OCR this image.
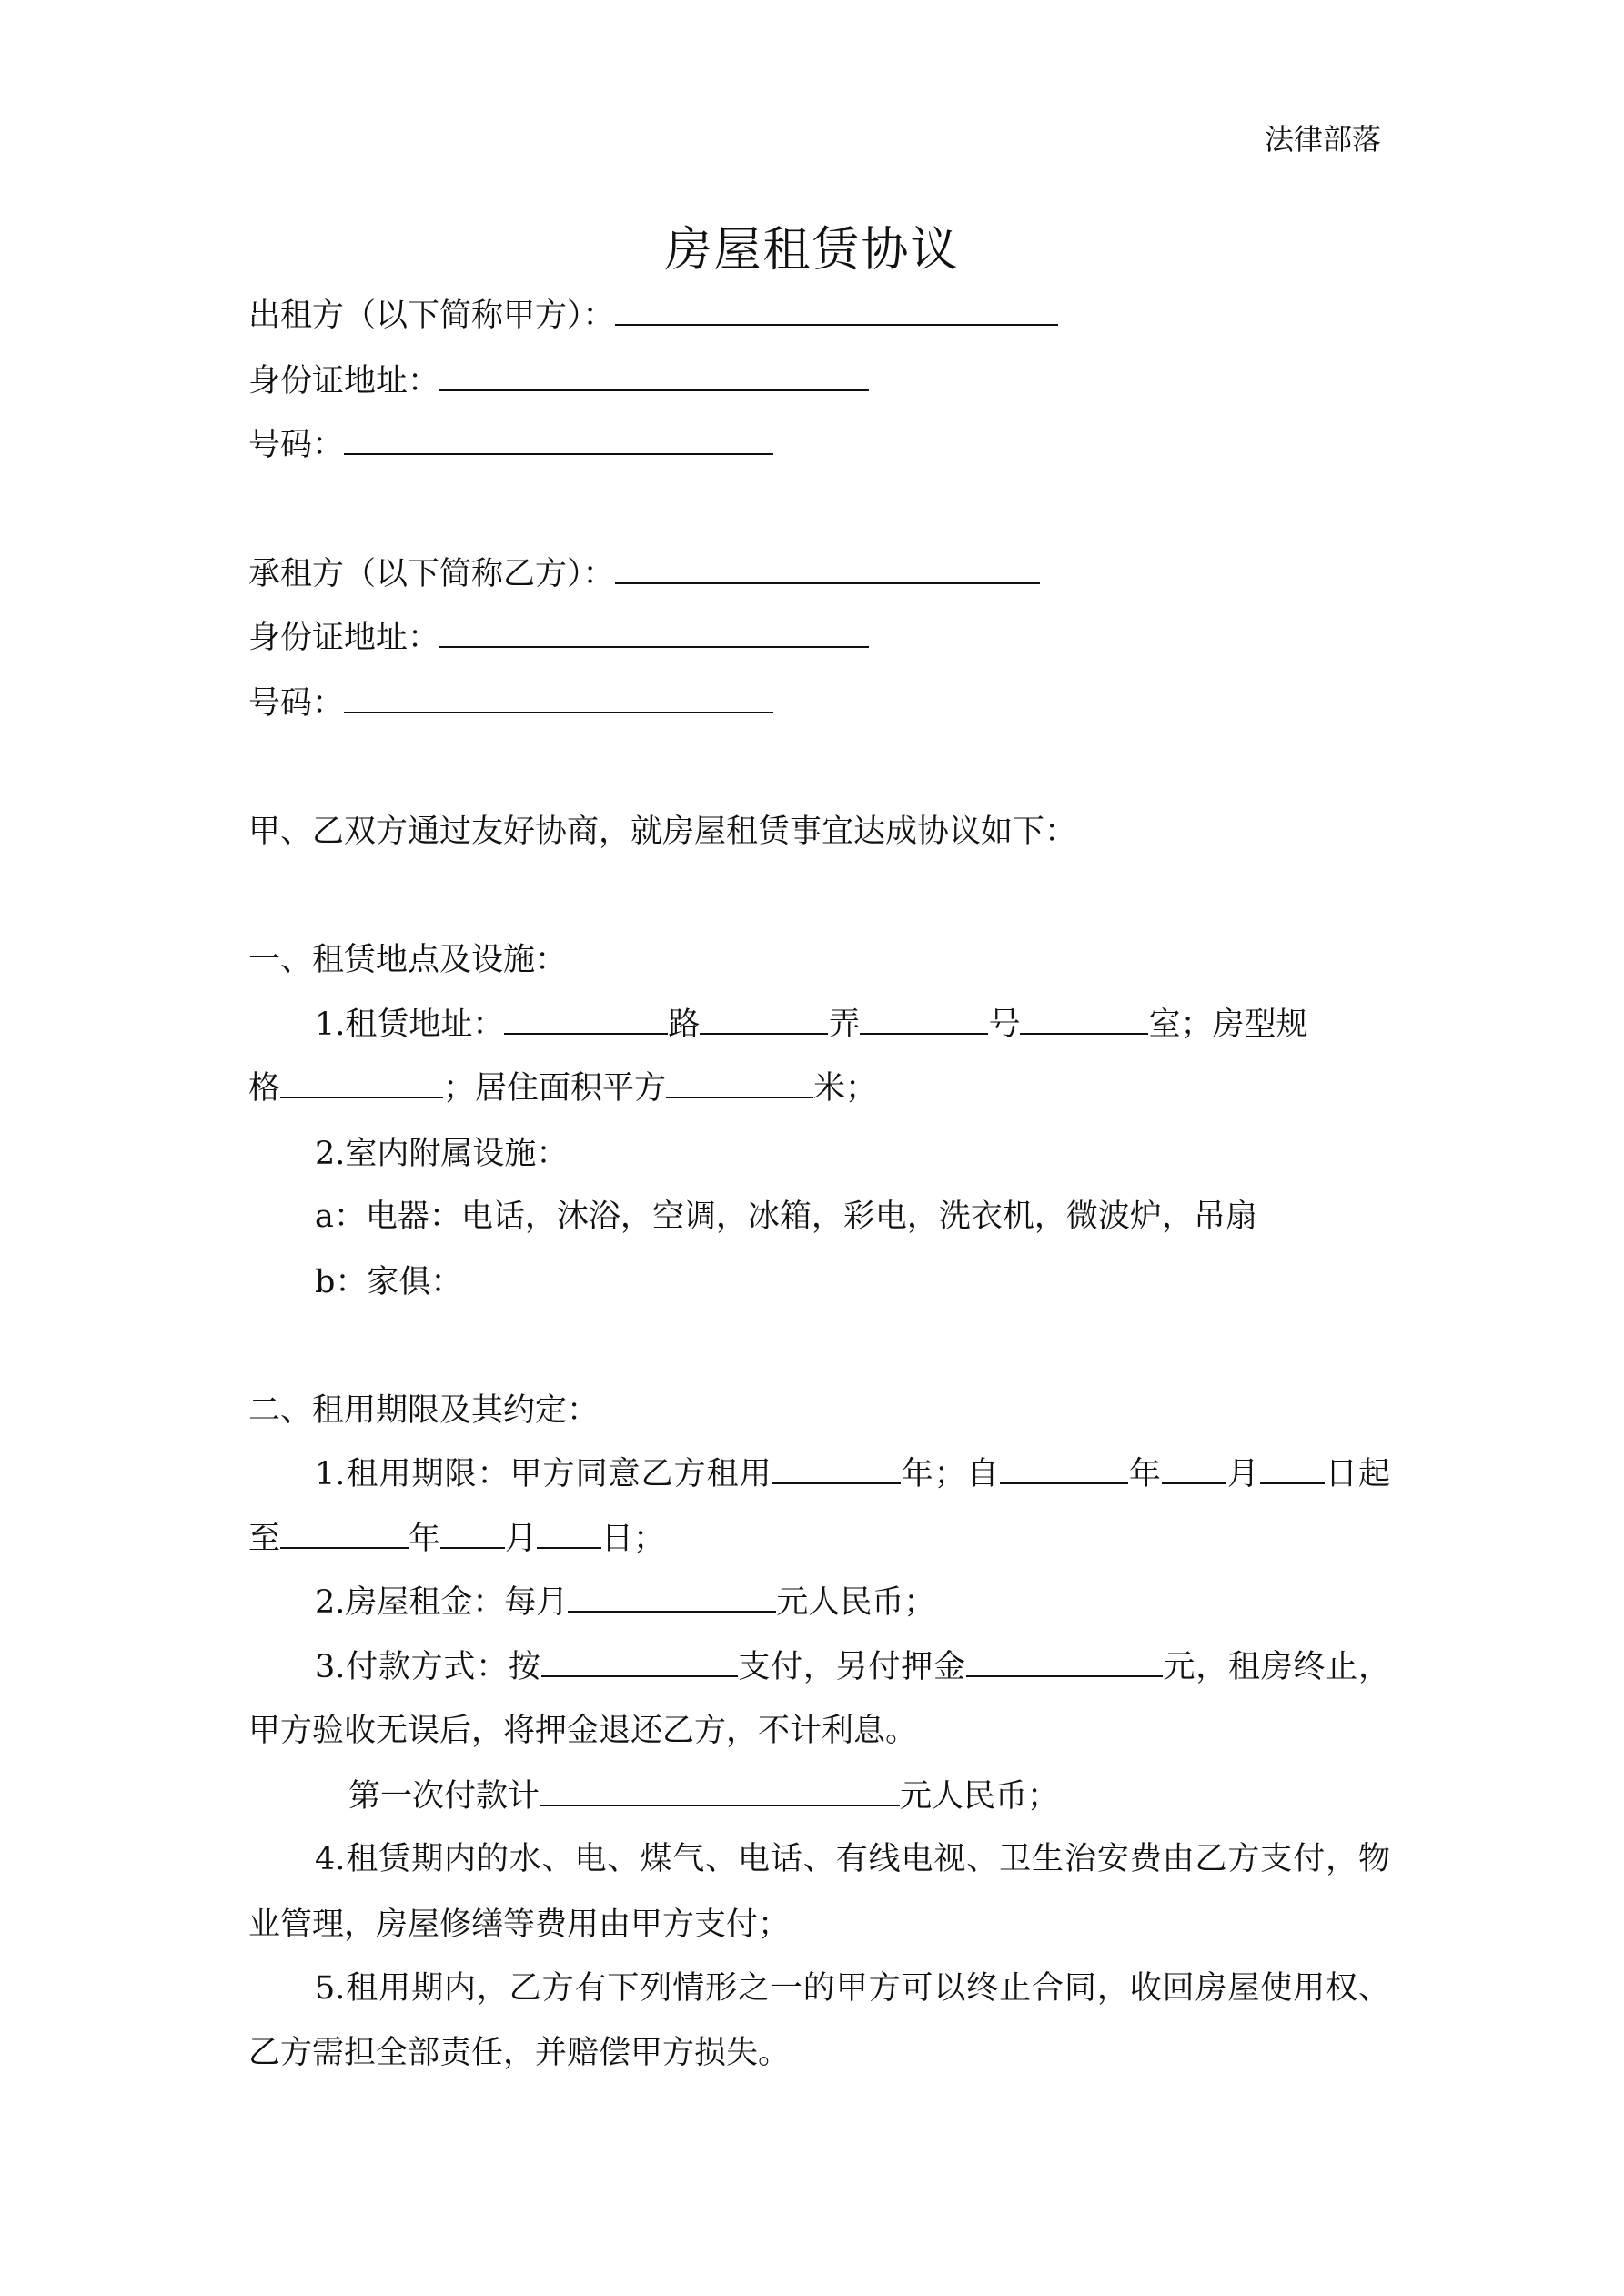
法律部落
房屋租赁协议
出租方（以下简称甲方）：
身份证地址：
号码：
承租方（以下简称乙方）：
身份证地址：
号码：
甲、乙双方通过友好协商，就房屋租赁事宜达成协议如下：
一、租赁地点及设施：
1.租赁地址：	路	弄	号	室；房型规
格	；居住面积平方	米；
2.室内附属设施：
a：电器：电话，沐浴，空调，冰箱，彩电，洗衣机，微波炉，吊扇
b：家俱：
二、租用期限及其约定：
1.租用期限：甲方同意乙方租用	年；自	年 月 日起
至	年 月 日；
2.房屋租金：每月	元人民币；
3.付款方式：按	支付，另付押金	元，租房终止，
甲方验收无误后，将押金退还乙方，不计利息。
第一次付款计	元人民币；
4.租赁期内的水、电、煤气、电话、有线电视、卫生治安费由乙方支付，物
业管理，房屋修缮等费用由甲方支付；
5.租用期内，乙方有下列情形之一的甲方可以终止合同，收回房屋使用权、
乙方需担全部责任，并赔偿甲方损失。
